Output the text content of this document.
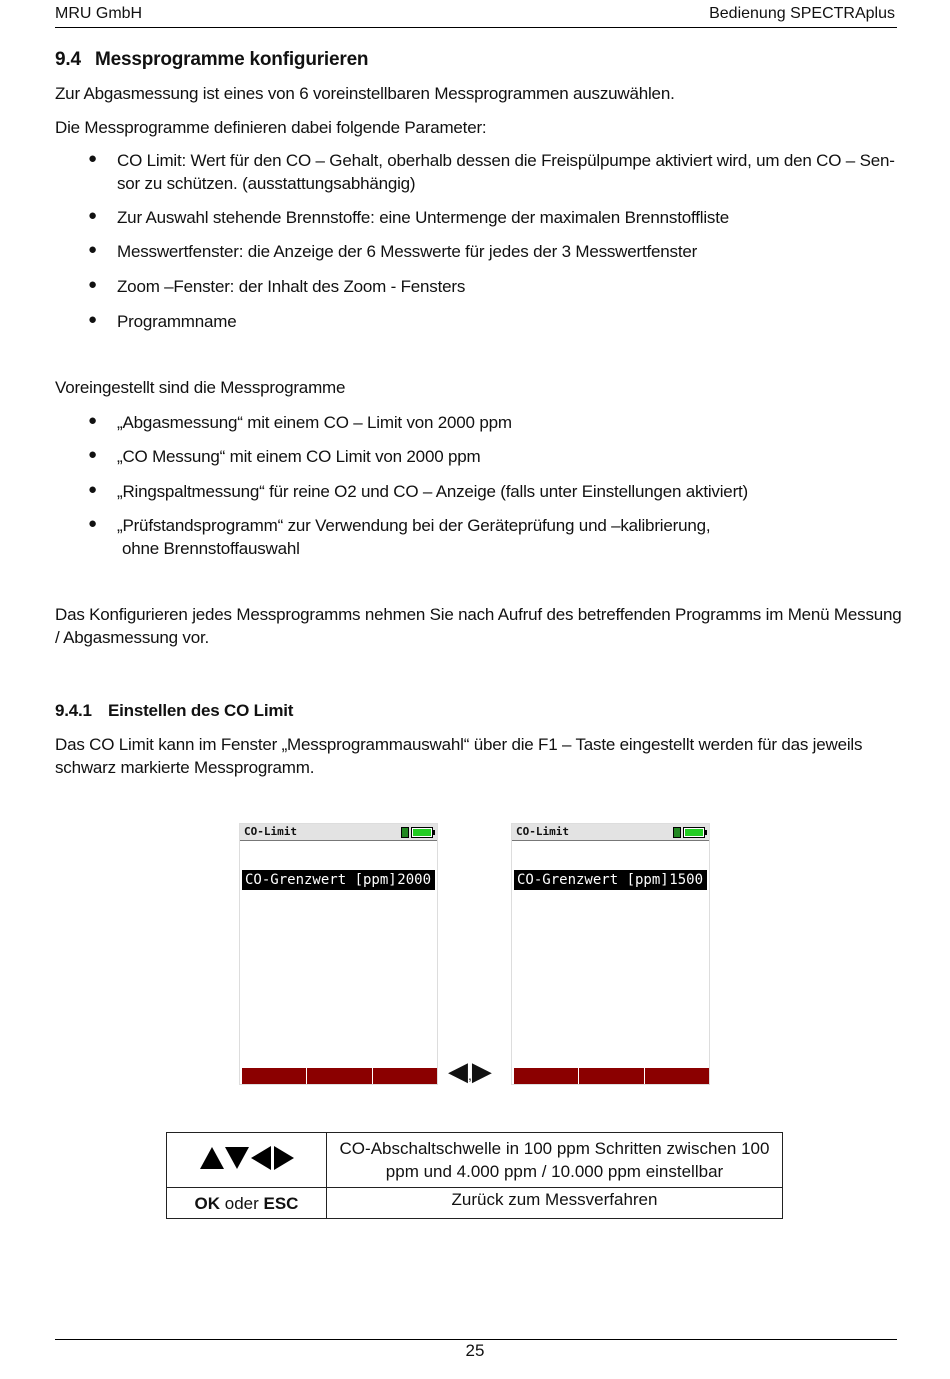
MRU GmbH	Bedienung SPECTRAplus
9.4 Messprogramme konfigurieren
Zur Abgasmessung ist eines von 6 voreinstellbaren Messprogrammen auszuwählen.
Die Messprogramme definieren dabei folgende Parameter:
● CO Limit: Wert für den CO – Gehalt, oberhalb dessen die Freispülpumpe aktiviert wird, um den CO – Sen-
sor zu schützen. (ausstattungsabhängig)
● Zur Auswahl stehende Brennstoffe: eine Untermenge der maximalen Brennstoffliste
● Messwertfenster: die Anzeige der 6 Messwerte für jedes der 3 Messwertfenster
● Zoom –Fenster: der Inhalt des Zoom - Fensters
● Programmname
Voreingestellt sind die Messprogramme
● „Abgasmessung“ mit einem CO – Limit von 2000 ppm
● „CO Messung“ mit einem CO Limit von 2000 ppm
● „Ringspaltmessung“ für reine O2 und CO – Anzeige (falls unter Einstellungen aktiviert)
● „Prüfstandsprogramm“ zur Verwendung bei der Geräteprüfung und –kalibrierung,
ohne Brennstoffauswahl
Das Konfigurieren jedes Messprogramms nehmen Sie nach Aufruf des betreffenden Programms im Menü Messung
/ Abgasmessung vor.
9.4.1 Einstellen des CO Limit
Das CO Limit kann im Fenster „Messprogrammauswahl“ über die F1 – Taste eingestellt werden für das jeweils
schwarz markierte Messprogramm.
CO-Limit
CO-Grenzwert [ppm] 2000
◀,▶
CO-Limit
CO-Grenzwert [ppm] 1500

CO-Abschaltschwelle in 100 ppm Schritten zwischen 100
ppm und 4.000 ppm / 10.000 ppm einstellbar

OK oder ESC	Zurück zum Messverfahren
25
